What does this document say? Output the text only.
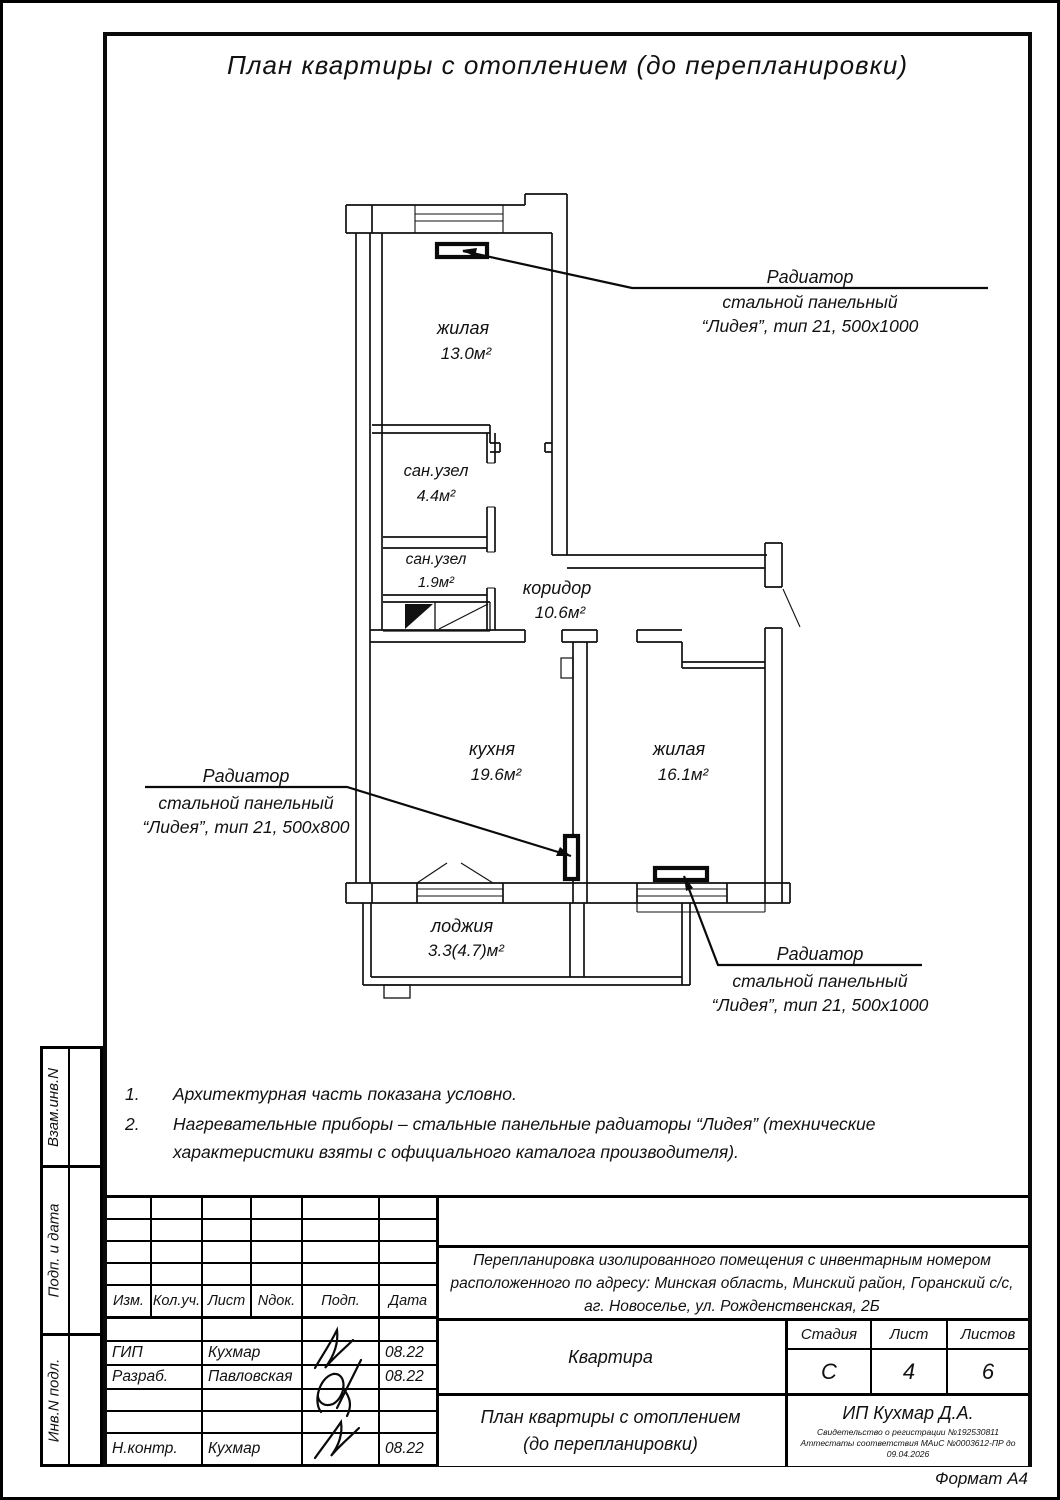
План квартиры с отоплением (до перепланировки)
жилая
13.0м²
сан.узел
4.4м²
сан.узел
1.9м²	коридор
10.6м²
кухня
19.6м²
жилая
16.1м²
лоджия
3.3(4.7)м²
Радиатор
стальной панельный
“Лидея”, тип 21, 500x1000
Радиатор
стальной панельный
“Лидея”, тип 21, 500x800
Радиатор
стальной панельный
“Лидея”, тип 21, 500x1000
1.	Архитектурная часть показана условно.
2.	Нагревательные приборы – стальные панельные радиаторы “Лидея” (технические характеристики взяты с официального каталога производителя).
Взам.инв.N
Подп. и дата
Инв.N подл.
Изм. Кол.уч. Лист Nдок.	Подп.	Дата
ГИП	Кухмар	08.22
Разраб.	Павловская	08.22
Н.контр.	Кухмар	08.22
Перепланировка изолированного помещения с инвентарным номером
расположенного по адресу: Минская область, Минский район, Горанский с/с,
аг. Новоселье, ул. Рожденственская, 2Б
Квартира
Стадия	Лист	Листов
С	4	6
План квартиры с отоплением
(до перепланировки)
ИП Кухмар Д.А.
Свидетельство о регистрации №192530811
Аттестаты соответствия МАиС №0003612-ПР до 09.04.2026
Формат А4
